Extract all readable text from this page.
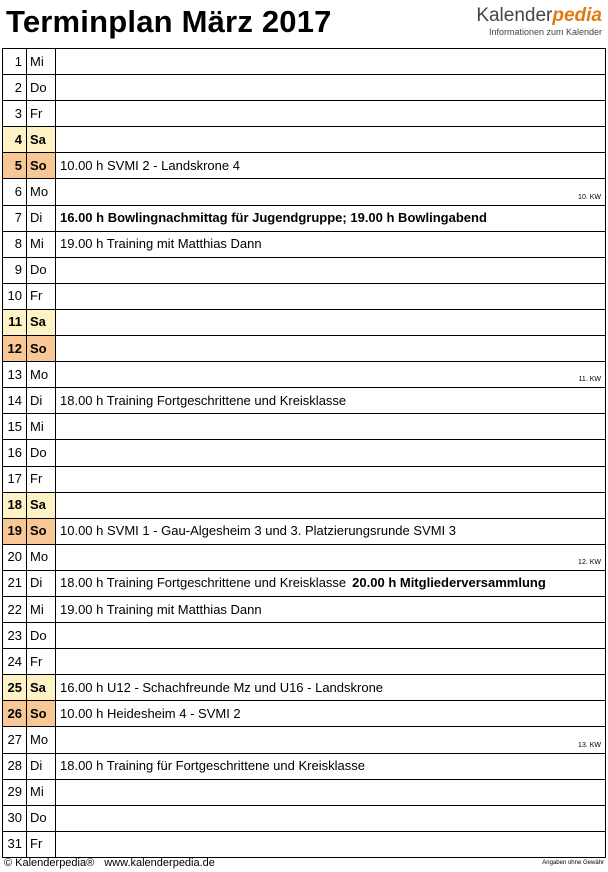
Terminplan März 2017	Kalenderpedia
Informationen zum Kalender
1	Mi	
2	Do	
3	Fr	
4	Sa	
5	So	10.00 h SVMI 2 - Landskrone 4
6	Mo	10. KW

7	Di	16.00 h Bowlingnachmittag für Jugendgruppe; 19.00 h Bowlingabend
8	Mi	19.00 h Training mit Matthias Dann
9	Do	
10	Fr	
11	Sa	
12	So	
13	Mo	11. KW

14	Di	18.00 h Training Fortgeschrittene und Kreisklasse
15	Mi	
16	Do	
17	Fr	
18	Sa	
19	So	10.00 h SVMI 1 - Gau-Algesheim 3 und 3. Platzierungsrunde SVMI 3
20	Mo	12. KW

21	Di	18.00 h Training Fortgeschrittene und Kreisklasse 20.00 h Mitgliederversammlung
22	Mi	19.00 h Training mit Matthias Dann
23	Do	
24	Fr	
25	Sa	16.00 h U12 - Schachfreunde Mz und U16 - Landskrone
26	So	10.00 h Heidesheim 4 - SVMI 2
27	Mo	13. KW

28	Di	18.00 h Training für Fortgeschrittene und Kreisklasse
29	Mi	
30	Do	
31	Fr	
© Kalenderpedia® www.kalenderpedia.de	Angaben ohne Gewähr
